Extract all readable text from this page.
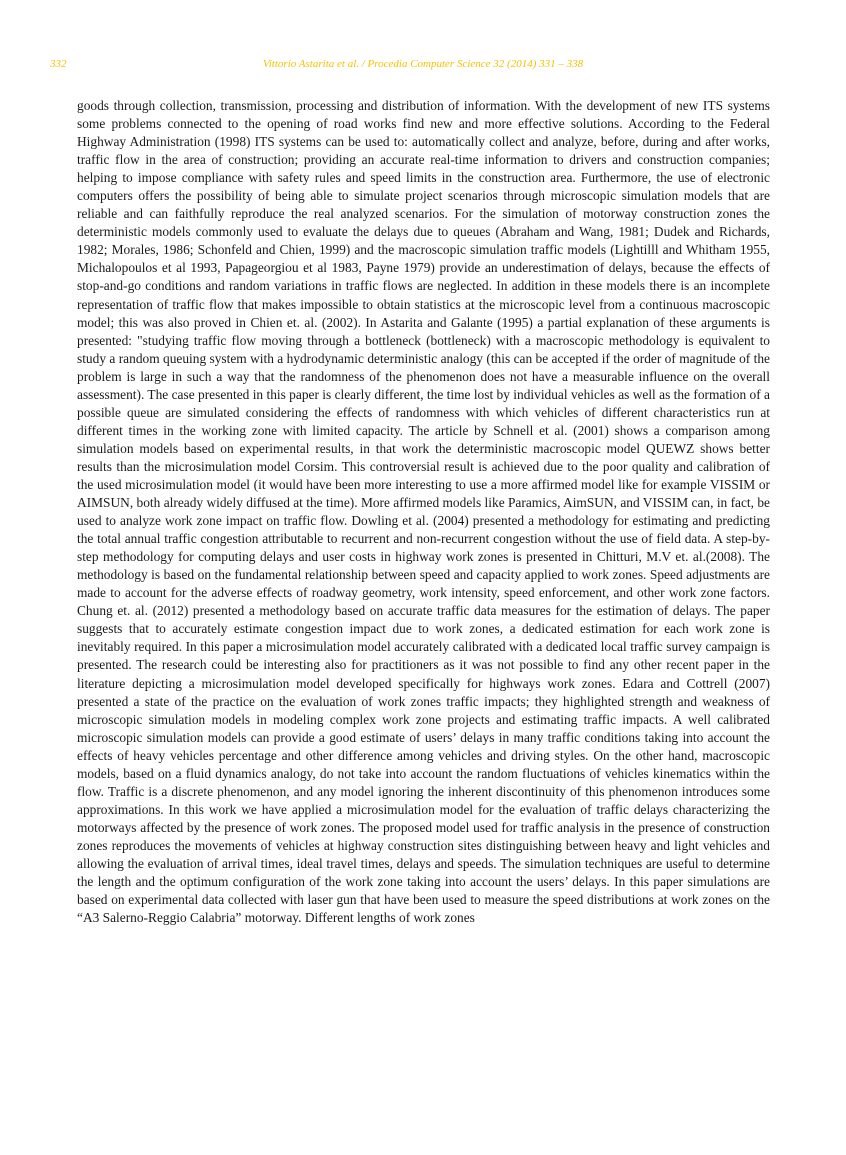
332	Vittorio Astarita et al. / Procedia Computer Science 32 (2014) 331 – 338

goods through collection, transmission, processing and distribution of information. With the development of new ITS systems some problems connected to the opening of road works find new and more effective solutions. According to the Federal Highway Administration (1998) ITS systems can be used to: automatically collect and analyze, before, during and after works, traffic flow in the area of construction; providing an accurate real-time information to drivers and construction companies; helping to impose compliance with safety rules and speed limits in the construction area. Furthermore, the use of electronic computers offers the possibility of being able to simulate project scenarios through microscopic simulation models that are reliable and can faithfully reproduce the real analyzed scenarios. For the simulation of motorway construction zones the deterministic models commonly used to evaluate the delays due to queues (Abraham and Wang, 1981; Dudek and Richards, 1982; Morales, 1986; Schonfeld and Chien, 1999) and the macroscopic simulation traffic models (Lightilll and Whitham 1955, Michalopoulos et al 1993, Papageorgiou et al 1983, Payne 1979) provide an underestimation of delays, because the effects of stop-and-go conditions and random variations in traffic flows are neglected. In addition in these models there is an incomplete representation of traffic flow that makes impossible to obtain statistics at the microscopic level from a continuous macroscopic model; this was also proved in Chien et. al. (2002). In Astarita and Galante (1995) a partial explanation of these arguments is presented: "studying traffic flow moving through a bottleneck (bottleneck) with a macroscopic methodology is equivalent to study a random queuing system with a hydrodynamic deterministic analogy (this can be accepted if the order of magnitude of the problem is large in such a way that the randomness of the phenomenon does not have a measurable influence on the overall assessment). The case presented in this paper is clearly different, the time lost by individual vehicles as well as the formation of a possible queue are simulated considering the effects of randomness with which vehicles of different characteristics run at different times in the working zone with limited capacity. The article by Schnell et al. (2001) shows a comparison among simulation models based on experimental results, in that work the deterministic macroscopic model QUEWZ shows better results than the microsimulation model Corsim. This controversial result is achieved due to the poor quality and calibration of the used microsimulation model (it would have been more interesting to use a more affirmed model like for example VISSIM or AIMSUN, both already widely diffused at the time). More affirmed models like Paramics, AimSUN, and VISSIM can, in fact, be used to analyze work zone impact on traffic flow. Dowling et al. (2004) presented a methodology for estimating and predicting the total annual traffic congestion attributable to recurrent and non-recurrent congestion without the use of field data. A step-by-step methodology for computing delays and user costs in highway work zones is presented in Chitturi, M.V et. al.(2008). The methodology is based on the fundamental relationship between speed and capacity applied to work zones. Speed adjustments are made to account for the adverse effects of roadway geometry, work intensity, speed enforcement, and other work zone factors. Chung et. al. (2012) presented a methodology based on accurate traffic data measures for the estimation of delays. The paper suggests that to accurately estimate congestion impact due to work zones, a dedicated estimation for each work zone is inevitably required. In this paper a microsimulation model accurately calibrated with a dedicated local traffic survey campaign is presented. The research could be interesting also for practitioners as it was not possible to find any other recent paper in the literature depicting a microsimulation model developed specifically for highways work zones. Edara and Cottrell (2007) presented a state of the practice on the evaluation of work zones traffic impacts; they highlighted strength and weakness of microscopic simulation models in modeling complex work zone projects and estimating traffic impacts. A well calibrated microscopic simulation models can provide a good estimate of users’ delays in many traffic conditions taking into account the effects of heavy vehicles percentage and other difference among vehicles and driving styles. On the other hand, macroscopic models, based on a fluid dynamics analogy, do not take into account the random fluctuations of vehicles kinematics within the flow. Traffic is a discrete phenomenon, and any model ignoring the inherent discontinuity of this phenomenon introduces some approximations. In this work we have applied a microsimulation model for the evaluation of traffic delays characterizing the motorways affected by the presence of work zones. The proposed model used for traffic analysis in the presence of construction zones reproduces the movements of vehicles at highway construction sites distinguishing between heavy and light vehicles and allowing the evaluation of arrival times, ideal travel times, delays and speeds. The simulation techniques are useful to determine the length and the optimum configuration of the work zone taking into account the users’ delays. In this paper simulations are based on experimental data collected with laser gun that have been used to measure the speed distributions at work zones on the “A3 Salerno-Reggio Calabria” motorway. Different lengths of work zones
